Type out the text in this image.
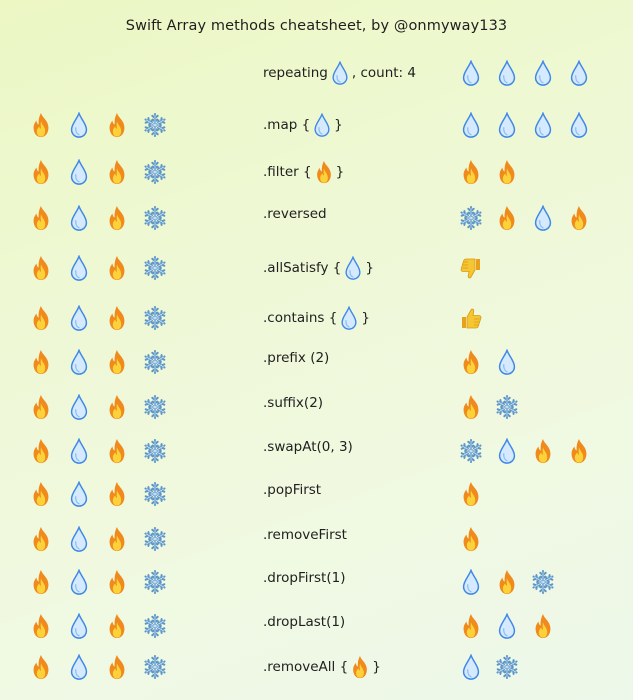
Swift Array methods cheatsheet, by @onmyway133
repeating , count: 4
.map { }
.filter { }
.reversed
.allSatisfy { }
.contains { }
.prefix (2)
.suffix(2)
.swapAt(0, 3)
.popFirst
.removeFirst
.dropFirst(1)
.dropLast(1)
.removeAll { }
